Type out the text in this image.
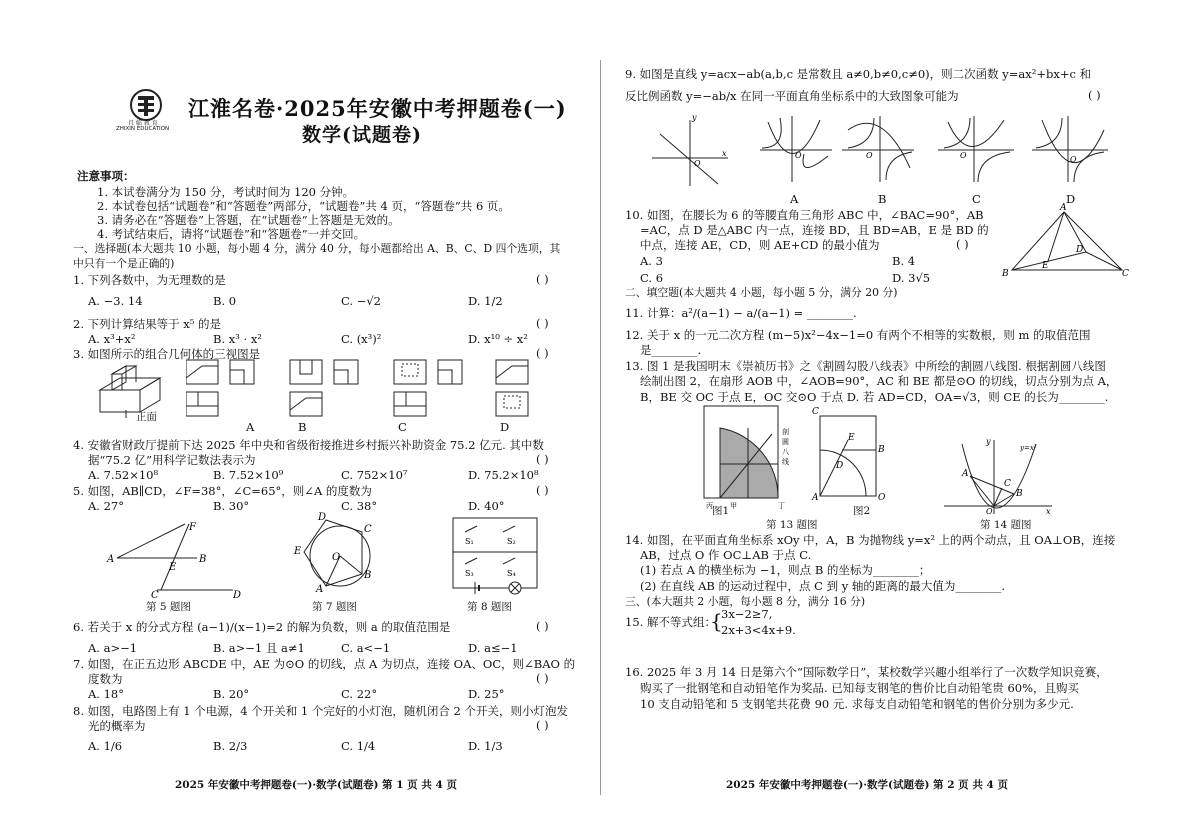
且 临 教 育
ZHIXIN EDUCATION
江淮名卷·2025年安徽中考押题卷(一)
数学(试题卷)
注意事项：
1. 本试卷满分为 150 分，考试时间为 120 分钟。
2. 本试卷包括“试题卷”和“答题卷”两部分，“试题卷”共 4 页，“答题卷”共 6 页。
3. 请务必在“答题卷”上答题，在“试题卷”上答题是无效的。
4. 考试结束后，请将“试题卷”和“答题卷”一并交回。
一、选择题(本大题共 10 小题，每小题 4 分，满分 40 分，每小题都给出 A、B、C、D 四个选项，其
中只有一个是正确的)
1. 下列各数中，为无理数的是	( )
A. −3. 14	B. 0	C. −√2	D. 1/2
2. 下列计算结果等于 x⁵ 的是	( )
A. x³+x²	B. x³ · x²	C. (x³)²	D. x¹⁰ ÷ x²
3. 如图所示的组合几何体的三视图是	( )
正面
A	B	C	D
4. 安徽省财政厅提前下达 2025 年中央和省级衔接推进乡村振兴补助资金 75.2 亿元. 其中数
据“75.2 亿”用科学记数法表示为	( )
A. 7.52×10⁸	B. 7.52×10⁹	C. 752×10⁷	D. 75.2×10⁸
5. 如图，AB∥CD，∠F=38°，∠C=65°，则∠A 的度数为	( )
A. 27°	B. 30°	C. 38°	D. 40°
A	B
F
E
C	D
D
C
E
O
B
A
S₁	S₂
S₃	S₄
第 5 题图	第 7 题图	第 8 题图
6. 若关于 x 的分式方程 (a−1)/(x−1)=2 的解为负数，则 a 的取值范围是	( )
A. a>−1	B. a>−1 且 a≠1	C. a<−1	D. a≤−1
7. 如图，在正五边形 ABCDE 中，AE 为⊙O 的切线，点 A 为切点，连接 OA、OC，则∠BAO 的
度数为	( )
A. 18°	B. 20°	C. 22°	D. 25°
8. 如图，电路图上有 1 个电源，4 个开关和 1 个完好的小灯泡，随机闭合 2 个开关，则小灯泡发
光的概率为	( )
A. 1/6	B. 2/3	C. 1/4	D. 1/3
2025 年安徽中考押题卷(一)·数学(试题卷) 第 1 页 共 4 页
9. 如图是直线 y=acx−ab(a,b,c 是常数且 a≠0,b≠0,c≠0)，则二次函数 y=ax²+bx+c 和
反比例函数 y=−ab/x 在同一平面直角坐标系中的大致图象可能为	( )
y
O
x	O	O	O	O
A	B	C	D
10. 如图，在腰长为 6 的等腰直角三角形 ABC 中，∠BAC=90°，AB
=AC，点 D 是△ABC 内一点，连接 BD，且 BD=AB，E 是 BD 的
中点，连接 AE，CD，则 AE+CD 的最小值为	( )
A. 3	B. 4
C. 6	D. 3√5
A
B	C
D
E
二、填空题(本大题共 4 小题，每小题 5 分，满分 20 分)
11. 计算：a²/(a−1) − a/(a−1) = ________.
12. 关于 x 的一元二次方程 (m−5)x²−4x−1=0 有两个不相等的实数根，则 m 的取值范围
是________.
13. 图 1 是我国明末《崇祯历书》之《割圆勾股八线表》中所绘的割圆八线图. 根据割圆八线图
绘制出图 2，在扇形 AOB 中，∠AOB=90°，AC 和 BE 都是⊙O 的切线，切点分别为点 A，
B，BE 交 OC 于点 E，OC 交⊙O 于点 D. 若 AD=CD，OA=√3，则 CE 的长为________.
丙 甲	丁
剖
圆
八
线
C
E
B
A	O
D
图1	图2
第 13 题图
y
y=x²
A
B
C
O	x
第 14 题图
14. 如图，在平面直角坐标系 xOy 中，A，B 为抛物线 y=x² 上的两个动点，且 OA⊥OB，连接
AB，过点 O 作 OC⊥AB 于点 C.
(1) 若点 A 的横坐标为 −1，则点 B 的坐标为________；
(2) 在直线 AB 的运动过程中，点 C 到 y 轴的距离的最大值为________.
三、(本大题共 2 小题，每小题 8 分，满分 16 分)
15. 解不等式组：
{
3x−2≥7,
2x+3<4x+9.
16. 2025 年 3 月 14 日是第六个“国际数学日”，某校数学兴趣小组举行了一次数学知识竞赛，
购买了一批钢笔和自动铅笔作为奖品. 已知每支钢笔的售价比自动铅笔贵 60%，且购买
10 支自动铅笔和 5 支钢笔共花费 90 元. 求每支自动铅笔和钢笔的售价分别为多少元.
2025 年安徽中考押题卷(一)·数学(试题卷) 第 2 页 共 4 页
